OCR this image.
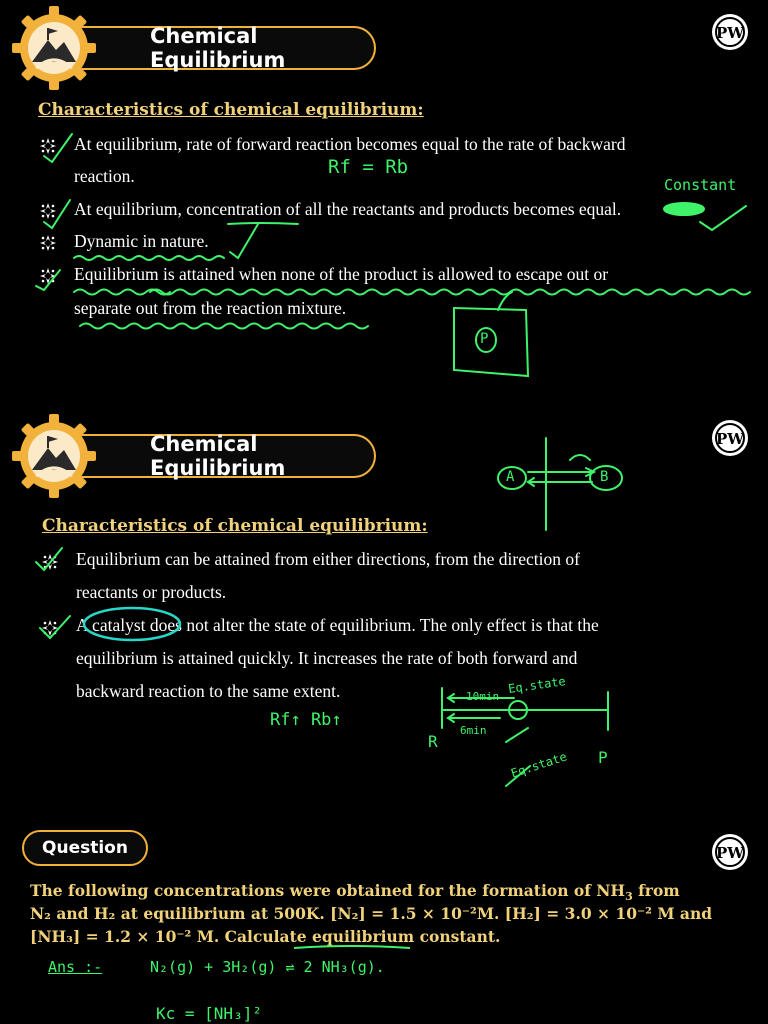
Chemical Equilibrium
Characteristics of chemical equilibrium:
At equilibrium, rate of forward reaction becomes equal to the rate of backward
reaction.
At equilibrium, concentration of all the reactants and products becomes equal.
Dynamic in nature.
Equilibrium is attained when none of the product is allowed to escape out or
separate out from the reaction mixture.
Rf = Rb
Constant
P
Chemical Equilibrium
Characteristics of chemical equilibrium:
Equilibrium can be attained from either directions, from the direction of
reactants or products.
A catalyst does not alter the state of equilibrium. The only effect is that the
equilibrium is attained quickly. It increases the rate of both forward and
backward reaction to the same extent.
A	B
Rf↑ Rb↑
R
P
10min
6min
Eq.state
Eq.state
Question
The following concentrations were obtained for the formation of $NH_3$ from
N₂ and H₂ at equilibrium at 500K. [N₂] = 1.5 × 10⁻²M. [H₂] = 3.0 × 10⁻² M and
[NH₃] = 1.2 × 10⁻² M. Calculate equilibrium constant.
Ans :-	N₂(g) + 3H₂(g) ⇌ 2 NH₃(g).
Kc = [NH₃]²
